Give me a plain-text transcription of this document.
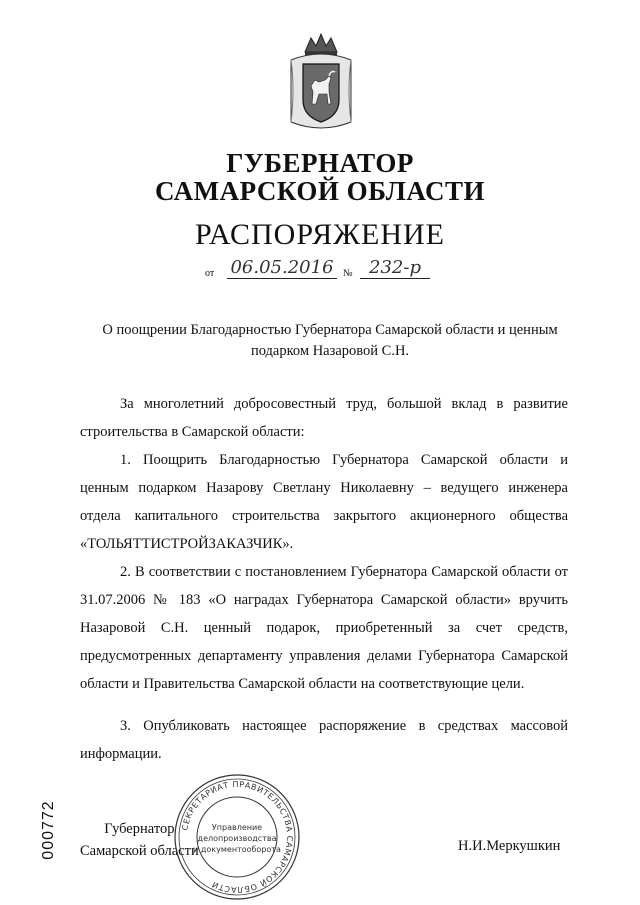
ГУБЕРНАТОР
САМАРСКОЙ ОБЛАСТИ
РАСПОРЯЖЕНИЕ
от 06.05.2016 № 232-р
О поощрении Благодарностью Губернатора Самарской области и ценным
подарком Назаровой С.Н.

За многолетний добросовестный труд, большой вклад в развитие строительства в Самарской области:

1. Поощрить Благодарностью Губернатора Самарской области и ценным подарком Назарову Светлану Николаевну – ведущего инженера отдела капитального строительства закрытого акционерного общества «ТОЛЬЯТТИСТРОЙЗАКАЗЧИК».

2. В соответствии с постановлением Губернатора Самарской области от 31.07.2006 № 183 «О наградах Губернатора Самарской области» вручить Назаровой С.Н. ценный подарок, приобретенный за счет средств, предусмотренных департаменту управления делами Губернатора Самарской области и Правительства Самарской области на соответствующие цели.

3. Опубликовать настоящее распоряжение в средствах массовой информации.

000772	Губернатор
Самарской области	Н.И.Меркушкин
СЕКРЕТАРИАТ ПРАВИТЕЛЬСТВА САМАРСКОЙ ОБЛАСТИ
Управление
делопроизводства
и документооборота
